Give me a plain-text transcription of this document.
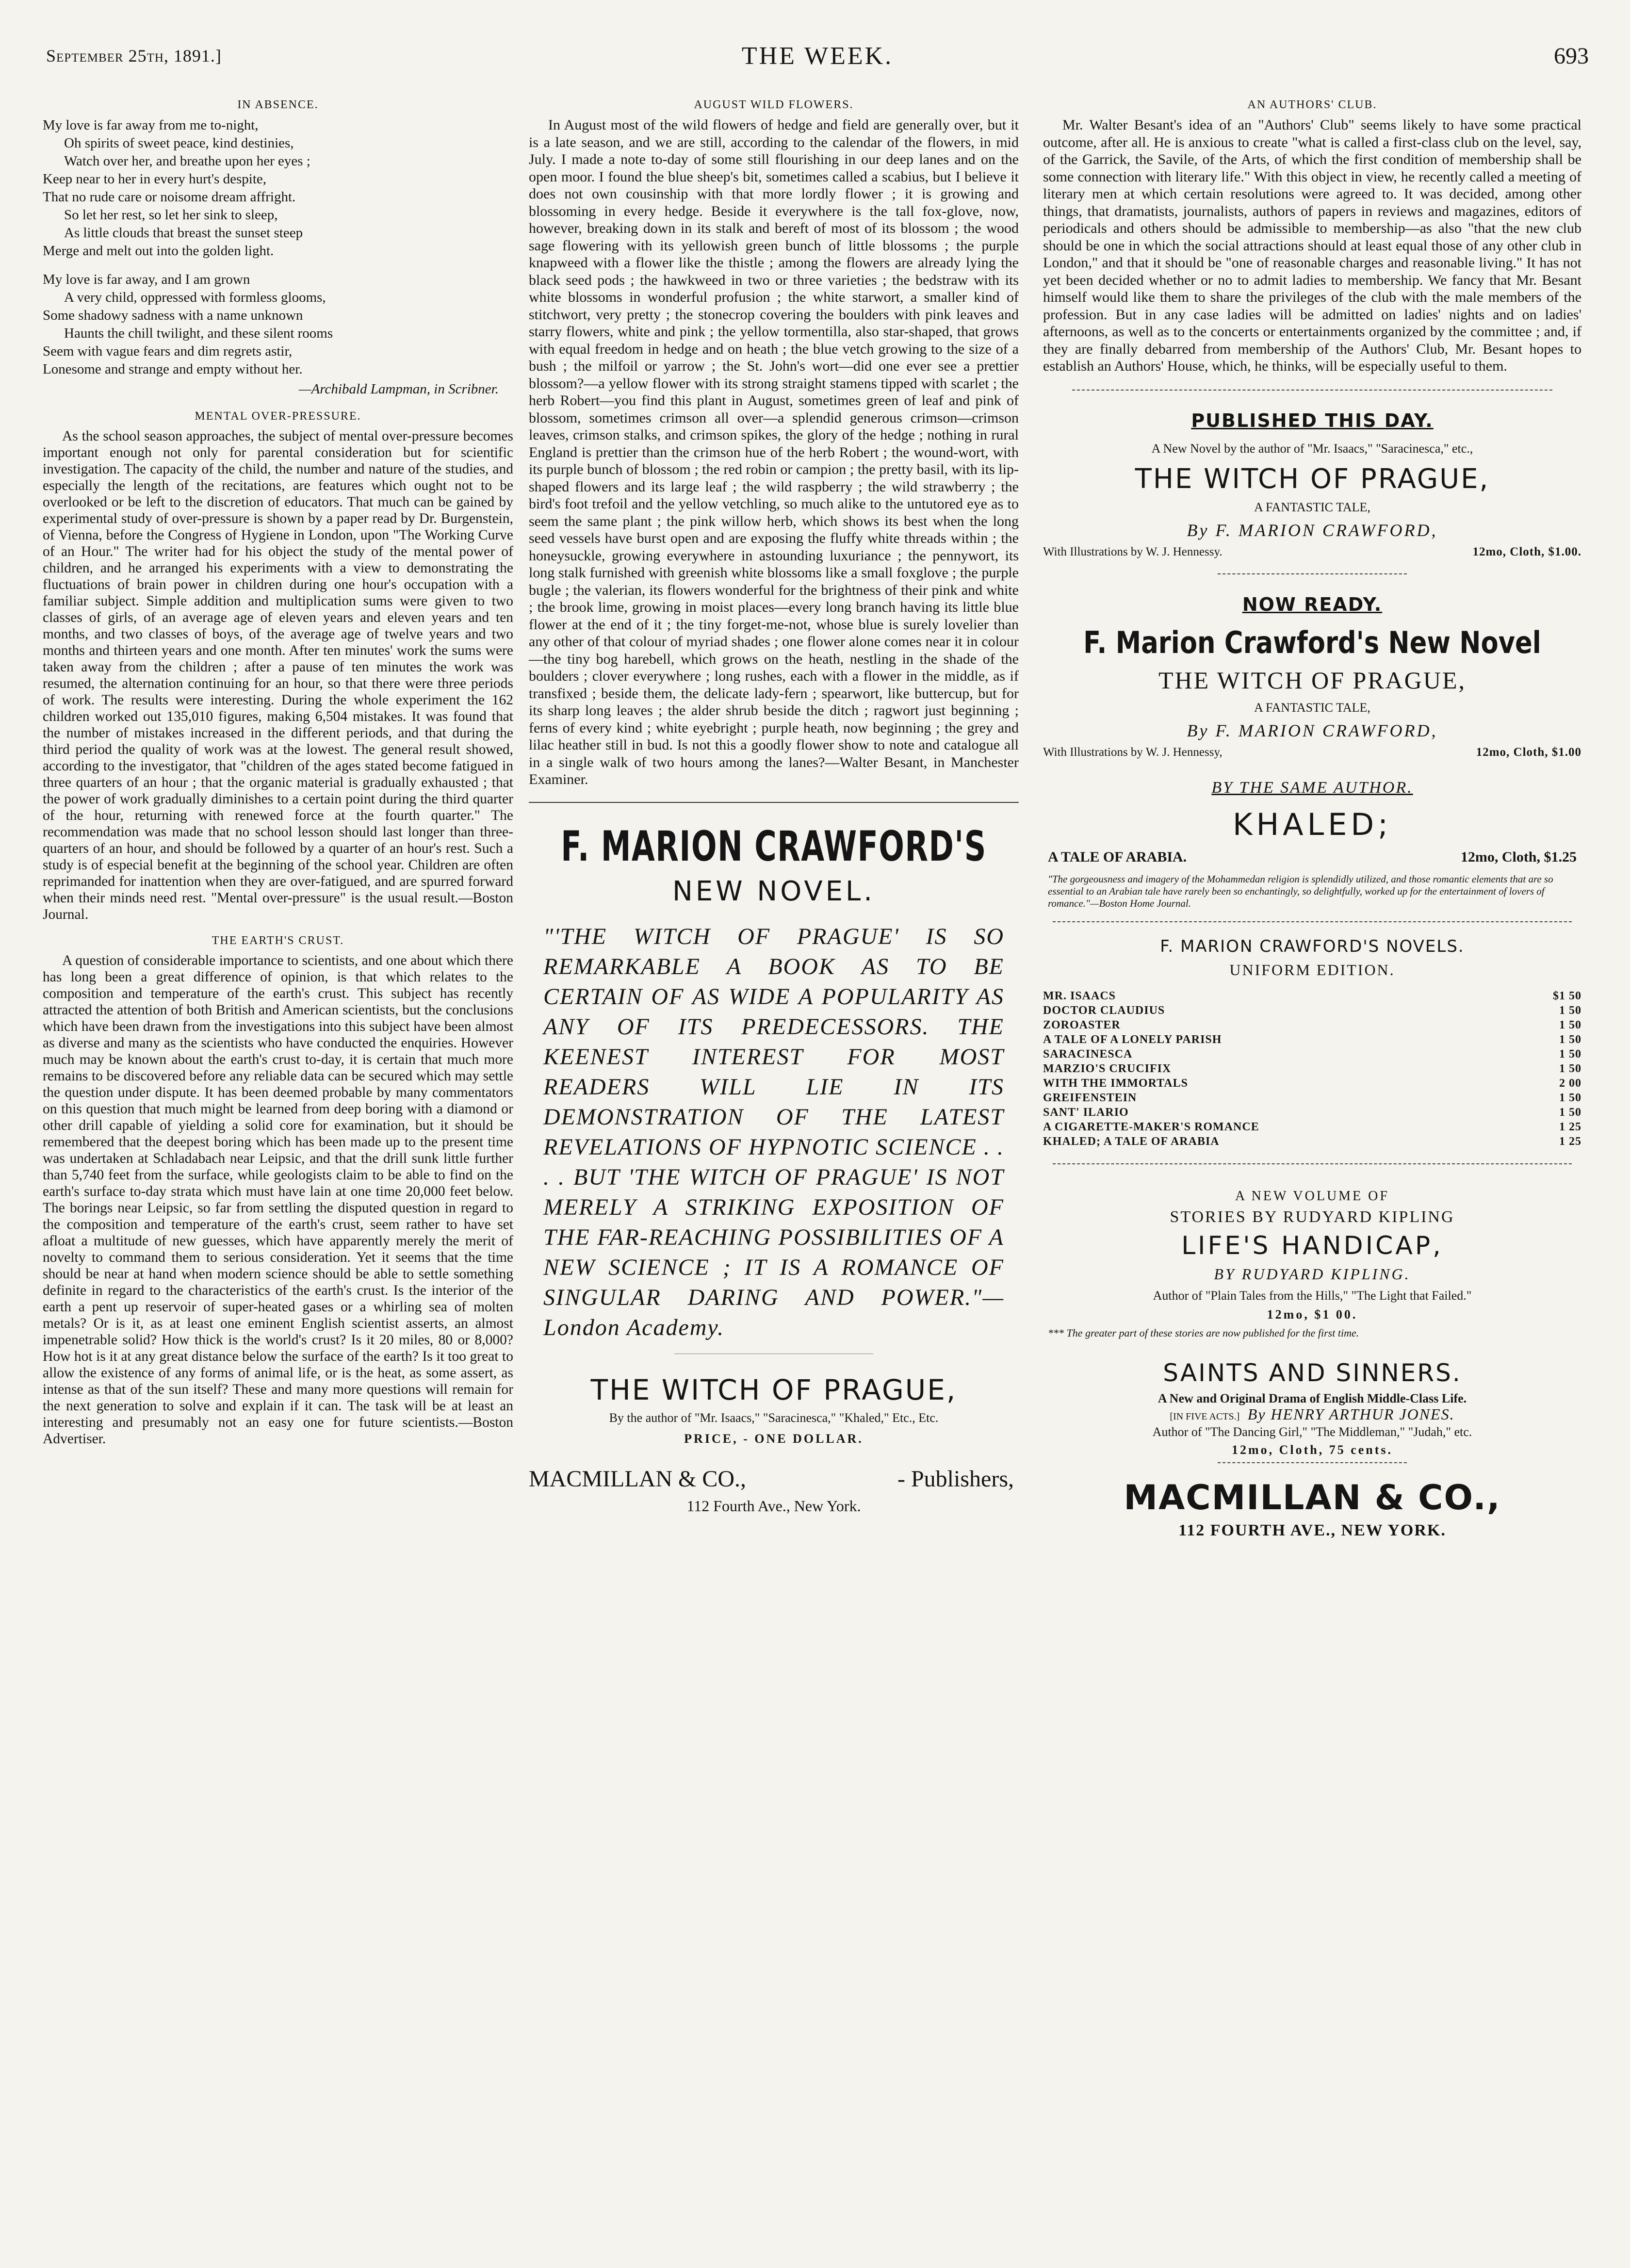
September 25th, 1891.]	THE WEEK.	693
IN ABSENCE.
My love is far away from me to-night,
Oh spirits of sweet peace, kind destinies,
Watch over her, and breathe upon her eyes ;
Keep near to her in every hurt's despite,
That no rude care or noisome dream affright.
So let her rest, so let her sink to sleep,
As little clouds that breast the sunset steep
Merge and melt out into the golden light.
My love is far away, and I am grown
A very child, oppressed with formless glooms,
Some shadowy sadness with a name unknown
Haunts the chill twilight, and these silent rooms
Seem with vague fears and dim regrets astir,
Lonesome and strange and empty without her.
—Archibald Lampman, in Scribner.
MENTAL OVER-PRESSURE.

As the school season approaches, the subject of mental over-pressure becomes important enough not only for parental consideration but for scientific investigation. The capacity of the child, the number and nature of the studies, and especially the length of the recitations, are features which ought not to be overlooked or be left to the discretion of educators. That much can be gained by experimental study of over-pressure is shown by a paper read by Dr. Burgenstein, of Vienna, before the Congress of Hygiene in London, upon "The Working Curve of an Hour." The writer had for his object the study of the mental power of children, and he arranged his experiments with a view to demonstrating the fluctuations of brain power in children during one hour's occupation with a familiar subject. Simple addition and multiplication sums were given to two classes of girls, of an average age of eleven years and eleven years and ten months, and two classes of boys, of the average age of twelve years and two months and thirteen years and one month. After ten minutes' work the sums were taken away from the children ; after a pause of ten minutes the work was resumed, the alternation continuing for an hour, so that there were three periods of work. The results were interesting. During the whole experiment the 162 children worked out 135,010 figures, making 6,504 mistakes. It was found that the number of mistakes increased in the different periods, and that during the third period the quality of work was at the lowest. The general result showed, according to the investigator, that "children of the ages stated become fatigued in three quarters of an hour ; that the organic material is gradually exhausted ; that the power of work gradually diminishes to a certain point during the third quarter of the hour, returning with renewed force at the fourth quarter." The recommendation was made that no school lesson should last longer than three-quarters of an hour, and should be followed by a quarter of an hour's rest. Such a study is of especial benefit at the beginning of the school year. Children are often reprimanded for inattention when they are over-fatigued, and are spurred forward when their minds need rest. "Mental over-pressure" is the usual result.—Boston Journal.

THE EARTH'S CRUST.

A question of considerable importance to scientists, and one about which there has long been a great difference of opinion, is that which relates to the composition and temperature of the earth's crust. This subject has recently attracted the attention of both British and American scientists, but the conclusions which have been drawn from the investigations into this subject have been almost as diverse and many as the scientists who have conducted the enquiries. However much may be known about the earth's crust to-day, it is certain that much more remains to be discovered before any reliable data can be secured which may settle the question under dispute. It has been deemed probable by many commentators on this question that much might be learned from deep boring with a diamond or other drill capable of yielding a solid core for examination, but it should be remembered that the deepest boring which has been made up to the present time was undertaken at Schladabach near Leipsic, and that the drill sunk little further than 5,740 feet from the surface, while geologists claim to be able to find on the earth's surface to-day strata which must have lain at one time 20,000 feet below. The borings near Leipsic, so far from settling the disputed question in regard to the composition and temperature of the earth's crust, seem rather to have set afloat a multitude of new guesses, which have apparently merely the merit of novelty to command them to serious consideration. Yet it seems that the time should be near at hand when modern science should be able to settle something definite in regard to the characteristics of the earth's crust. Is the interior of the earth a pent up reservoir of super-heated gases or a whirling sea of molten metals? Or is it, as at least one eminent English scientist asserts, an almost impenetrable solid? How thick is the world's crust? Is it 20 miles, 80 or 8,000? How hot is it at any great distance below the surface of the earth? Is it too great to allow the existence of any forms of animal life, or is the heat, as some assert, as intense as that of the sun itself? These and many more questions will remain for the next generation to solve and explain if it can. The task will be at least an interesting and presumably not an easy one for future scientists.—Boston Advertiser.

AUGUST WILD FLOWERS.

In August most of the wild flowers of hedge and field are generally over, but it is a late season, and we are still, according to the calendar of the flowers, in mid July. I made a note to-day of some still flourishing in our deep lanes and on the open moor. I found the blue sheep's bit, sometimes called a scabius, but I believe it does not own cousinship with that more lordly flower ; it is growing and blossoming in every hedge. Beside it everywhere is the tall fox-glove, now, however, breaking down in its stalk and bereft of most of its blossom ; the wood sage flowering with its yellowish green bunch of little blossoms ; the purple knapweed with a flower like the thistle ; among the flowers are already lying the black seed pods ; the hawkweed in two or three varieties ; the bedstraw with its white blossoms in wonderful profusion ; the white starwort, a smaller kind of stitchwort, very pretty ; the stonecrop covering the boulders with pink leaves and starry flowers, white and pink ; the yellow tormentilla, also star-shaped, that grows with equal freedom in hedge and on heath ; the blue vetch growing to the size of a bush ; the milfoil or yarrow ; the St. John's wort—did one ever see a prettier blossom?—a yellow flower with its strong straight stamens tipped with scarlet ; the herb Robert—you find this plant in August, sometimes green of leaf and pink of blossom, sometimes crimson all over—a splendid generous crimson—crimson leaves, crimson stalks, and crimson spikes, the glory of the hedge ; nothing in rural England is prettier than the crimson hue of the herb Robert ; the wound-wort, with its purple bunch of blossom ; the red robin or campion ; the pretty basil, with its lip-shaped flowers and its large leaf ; the wild raspberry ; the wild strawberry ; the bird's foot trefoil and the yellow vetchling, so much alike to the untutored eye as to seem the same plant ; the pink willow herb, which shows its best when the long seed vessels have burst open and are exposing the fluffy white threads within ; the honeysuckle, growing everywhere in astounding luxuriance ; the pennywort, its long stalk furnished with greenish white blossoms like a small foxglove ; the purple bugle ; the valerian, its flowers wonderful for the brightness of their pink and white ; the brook lime, growing in moist places—every long branch having its little blue flower at the end of it ; the tiny forget-me-not, whose blue is surely lovelier than any other of that colour of myriad shades ; one flower alone comes near it in colour—the tiny bog harebell, which grows on the heath, nestling in the shade of the boulders ; clover everywhere ; long rushes, each with a flower in the middle, as if transfixed ; beside them, the delicate lady-fern ; spearwort, like buttercup, but for its sharp long leaves ; the alder shrub beside the ditch ; ragwort just beginning ; ferns of every kind ; white eyebright ; purple heath, now beginning ; the grey and lilac heather still in bud. Is not this a goodly flower show to note and catalogue all in a single walk of two hours among the lanes?—Walter Besant, in Manchester Examiner.

F. MARION CRAWFORD'S
NEW NOVEL.
"'THE WITCH OF PRAGUE' IS SO REMARKABLE A BOOK AS TO BE CERTAIN OF AS WIDE A POPULARITY AS ANY OF ITS PREDECESSORS. THE KEENEST INTEREST FOR MOST READERS WILL LIE IN ITS DEMONSTRATION OF THE LATEST REVELATIONS OF HYPNOTIC SCIENCE . . . . BUT 'THE WITCH OF PRAGUE' IS NOT MERELY A STRIKING EXPOSITION OF THE FAR-REACHING POSSIBILITIES OF A NEW SCIENCE ; IT IS A ROMANCE OF SINGULAR DARING AND POWER."—London Academy.
THE WITCH OF PRAGUE,
By the author of "Mr. Isaacs," "Saracinesca," "Khaled," Etc., Etc.
PRICE, - ONE DOLLAR.
MACMILLAN & CO.,	- Publishers,
112 Fourth Ave., New York.
AN AUTHORS' CLUB.

Mr. Walter Besant's idea of an "Authors' Club" seems likely to have some practical outcome, after all. He is anxious to create "what is called a first-class club on the level, say, of the Garrick, the Savile, of the Arts, of which the first condition of membership shall be some connection with literary life." With this object in view, he recently called a meeting of literary men at which certain resolutions were agreed to. It was decided, among other things, that dramatists, journalists, authors of papers in reviews and magazines, editors of periodicals and others should be admissible to membership—as also "that the new club should be one in which the social attractions should at least equal those of any other club in London," and that it should be "one of reasonable charges and reasonable living." It has not yet been decided whether or no to admit ladies to membership. We fancy that Mr. Besant himself would like them to share the privileges of the club with the male members of the profession. But in any case ladies will be admitted on ladies' nights and on ladies' afternoons, as well as to the concerts or entertainments organized by the committee ; and, if they are finally debarred from membership of the Authors' Club, Mr. Besant hopes to establish an Authors' House, which, he thinks, will be especially useful to them.

PUBLISHED THIS DAY.
A New Novel by the author of "Mr. Isaacs," "Saracinesca," etc.,
THE WITCH OF PRAGUE,
A FANTASTIC TALE,
By F. MARION CRAWFORD,
With Illustrations by W. J. Hennessy.	12mo, Cloth, $1.00.
NOW READY.
F. Marion Crawford's New Novel
THE WITCH OF PRAGUE,
A FANTASTIC TALE,
By F. MARION CRAWFORD,
With Illustrations by W. J. Hennessy,	12mo, Cloth, $1.00
BY THE SAME AUTHOR.
KHALED;
A TALE OF ARABIA.	12mo, Cloth, $1.25
"The gorgeousness and imagery of the Mohammedan religion is splendidly utilized, and those romantic elements that are so essential to an Arabian tale have rarely been so enchantingly, so delightfully, worked up for the entertainment of lovers of romance."—Boston Home Journal.
F. MARION CRAWFORD'S NOVELS.
UNIFORM EDITION.
MR. ISAACS	$1 50
DOCTOR CLAUDIUS	1 50
ZOROASTER	1 50
A TALE OF A LONELY PARISH	1 50
SARACINESCA	1 50
MARZIO'S CRUCIFIX	1 50
WITH THE IMMORTALS	2 00
GREIFENSTEIN	1 50
SANT' ILARIO	1 50
A CIGARETTE-MAKER'S ROMANCE	1 25
KHALED; A TALE OF ARABIA	1 25
A NEW VOLUME OF
STORIES BY RUDYARD KIPLING
LIFE'S HANDICAP,
BY RUDYARD KIPLING.
Author of "Plain Tales from the Hills," "The Light that Failed."
12mo, $1 00.
*** The greater part of these stories are now published for the first time.
SAINTS AND SINNERS.
A New and Original Drama of English Middle-Class Life.
[IN FIVE ACTS.] By HENRY ARTHUR JONES.
Author of "The Dancing Girl," "The Middleman," "Judah," etc.
12mo, Cloth, 75 cents.
MACMILLAN & CO.,
112 FOURTH AVE., NEW YORK.
